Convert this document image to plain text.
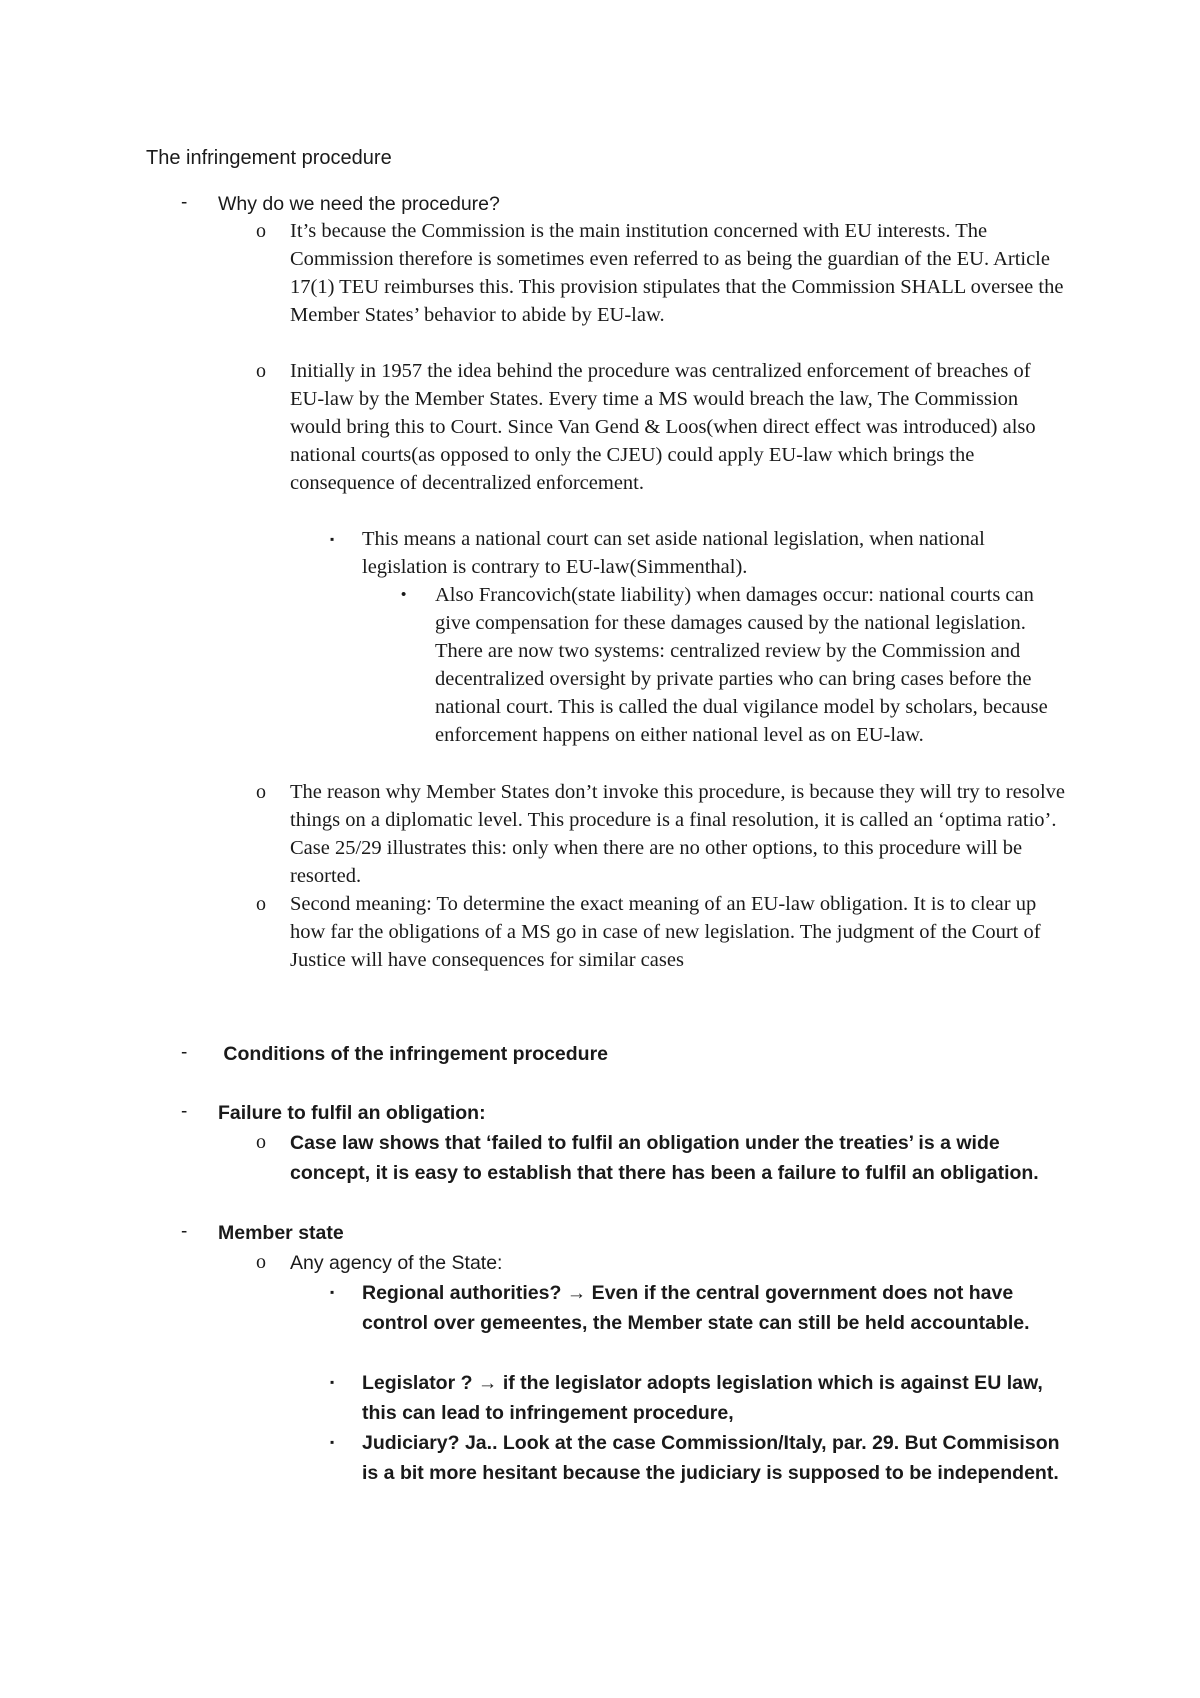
The infringement procedure
-	Why do we need the procedure?
o	It’s because the Commission is the main institution concerned with EU interests. The Commission therefore is sometimes even referred to as being the guardian of the EU. Article 17(1) TEU reimburses this. This provision stipulates that the Commission SHALL oversee the Member States’ behavior to abide by EU-law.
o	Initially in 1957 the idea behind the procedure was centralized enforcement of breaches of EU-law by the Member States. Every time a MS would breach the law, The Commission would bring this to Court. Since Van Gend & Loos(when direct effect was introduced) also national courts(as opposed to only the CJEU) could apply EU-law which brings the consequence of decentralized enforcement.
▪	This means a national court can set aside national legislation, when national legislation is contrary to EU-law(Simmenthal).
•	Also Francovich(state liability) when damages occur: national courts can give compensation for these damages caused by the national legislation. There are now two systems: centralized review by the Commission and decentralized oversight by private parties who can bring cases before the national court. This is called the dual vigilance model by scholars, because enforcement happens on either national level as on EU-law.
o	The reason why Member States don’t invoke this procedure, is because they will try to resolve things on a diplomatic level. This procedure is a final resolution, it is called an ‘optima ratio’. Case 25/29 illustrates this: only when there are no other options, to this procedure will be resorted.
o	Second meaning: To determine the exact meaning of an EU-law obligation. It is to clear up how far the obligations of a MS go in case of new legislation. The judgment of the Court of Justice will have consequences for similar cases
-	Conditions of the infringement procedure
-	Failure to fulfil an obligation:
o	Case law shows that ‘failed to fulfil an obligation under the treaties’ is a wide concept, it is easy to establish that there has been a failure to fulfil an obligation.
-	Member state
o	Any agency of the State:
▪	Regional authorities? → Even if the central government does not have control over gemeentes, the Member state can still be held accountable.
▪	Legislator ? → if the legislator adopts legislation which is against EU law, this can lead to infringement procedure,
▪	Judiciary? Ja.. Look at the case Commission/Italy, par. 29. But Commisison is a bit more hesitant because the judiciary is supposed to be independent.
